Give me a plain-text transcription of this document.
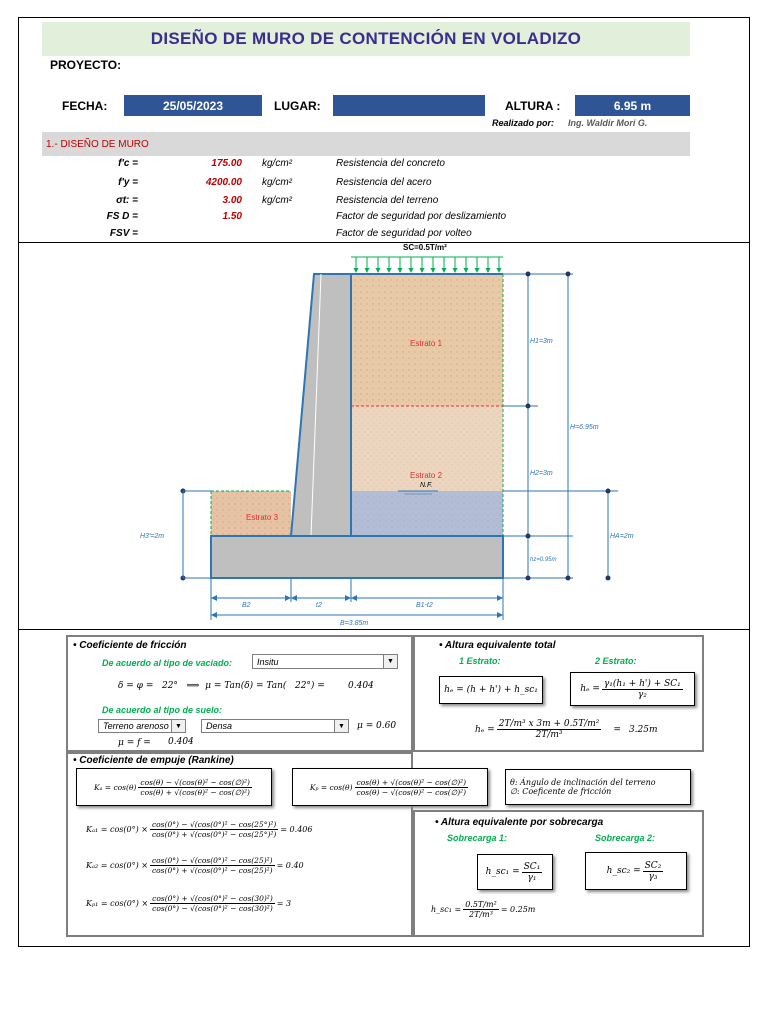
DISEÑO DE MURO DE CONTENCIÓN EN VOLADIZO
PROYECTO:
FECHA:	25/05/2023	LUGAR:	ALTURA :	6.95 m
Realizado por: Ing. Waldir Mori G.
1.- DISEÑO DE MURO
f'c =	175.00 kg/cm²	Resistencia del concreto
f'y =	4200.00 kg/cm²	Resistencia del acero
σt: =	3.00 kg/cm²	Resistencia del terreno
FS D =	1.50	Factor de seguridad por deslizamiento
FSV =	Factor de seguridad por volteo
SC=0.5T/m²
N.F.
Estrato 1
Estrato 2
Estrato 3
H1=3m
H2=3m
H=6.95m
hz=0.95m
HA=2m
H3'=2m
B2	t2	B1-t2
B=3.85m
• Coeficiente de fricción
De acuerdo al tipo de vaciado:	Insitu	▼
δ = φ =   22°   ⟹  μ = Tan(δ) = Tan(   22°) =	0.404
De acuerdo al tipo de suelo:
Terreno arenoso ▼	Densa	▼	μ = 0.60
μ = f = 0.404
• Altura equivalente total
1 Estrato:	2 Estrato:
hₑ = (h + h') + h_sc₁	$h_e = \frac{\text{γ₁(h₁ + h') + SC₁}}{\text{γ₂}}$
$h_e = \frac{\text{2T/m³ x 3m + 0.5T/m²}}{\text{2T/m³}} = 3.25m$
• Coeficiente de empuje (Rankine)
$K_a = \cos(\theta) \frac{\text{cos(θ) − √(cos(θ)² − cos(∅)²)}}{\text{cos(θ) + √(cos(θ)² − cos(∅)²)}}$	$K_p = \cos(\theta) \frac{\text{cos(θ) + √(cos(θ)² − cos(∅)²)}}{\text{cos(θ) − √(cos(θ)² − cos(∅)²)}}$
$K_{a1} = \cos(0^\circ) \times \frac{\text{cos(0°) − √(cos(0°)² − cos(25°)²)}}{\text{cos(0°) + √(cos(0°)² − cos(25°)²)}} = 0.406$
$K_{a2} = \cos(0^\circ) \times \frac{\text{cos(0°) − √(cos(0°)² − cos(25)²)}}{\text{cos(0°) + √(cos(0°)² − cos(25)²)}} = 0.40$
$K_{p1} = \cos(0^\circ) \times \frac{\text{cos(0°) + √(cos(0°)² − cos(30)²)}}{\text{cos(0°) − √(cos(0°)² − cos(30)²)}} = 3$
θ: Ángulo de inclinación del terreno
∅: Coeficente de fricción
• Altura equivalente por sobrecarga
Sobrecarga 1:	Sobrecarga 2:
h_sc₁ = $\frac{\text{SC₁}}{\text{γ₁}}$	h_sc₂ = $\frac{\text{SC₂}}{\text{γ₃}}$
h_sc₁ = $\frac{\text{0.5T/m²}}{\text{2T/m³}} = 0.25m$
